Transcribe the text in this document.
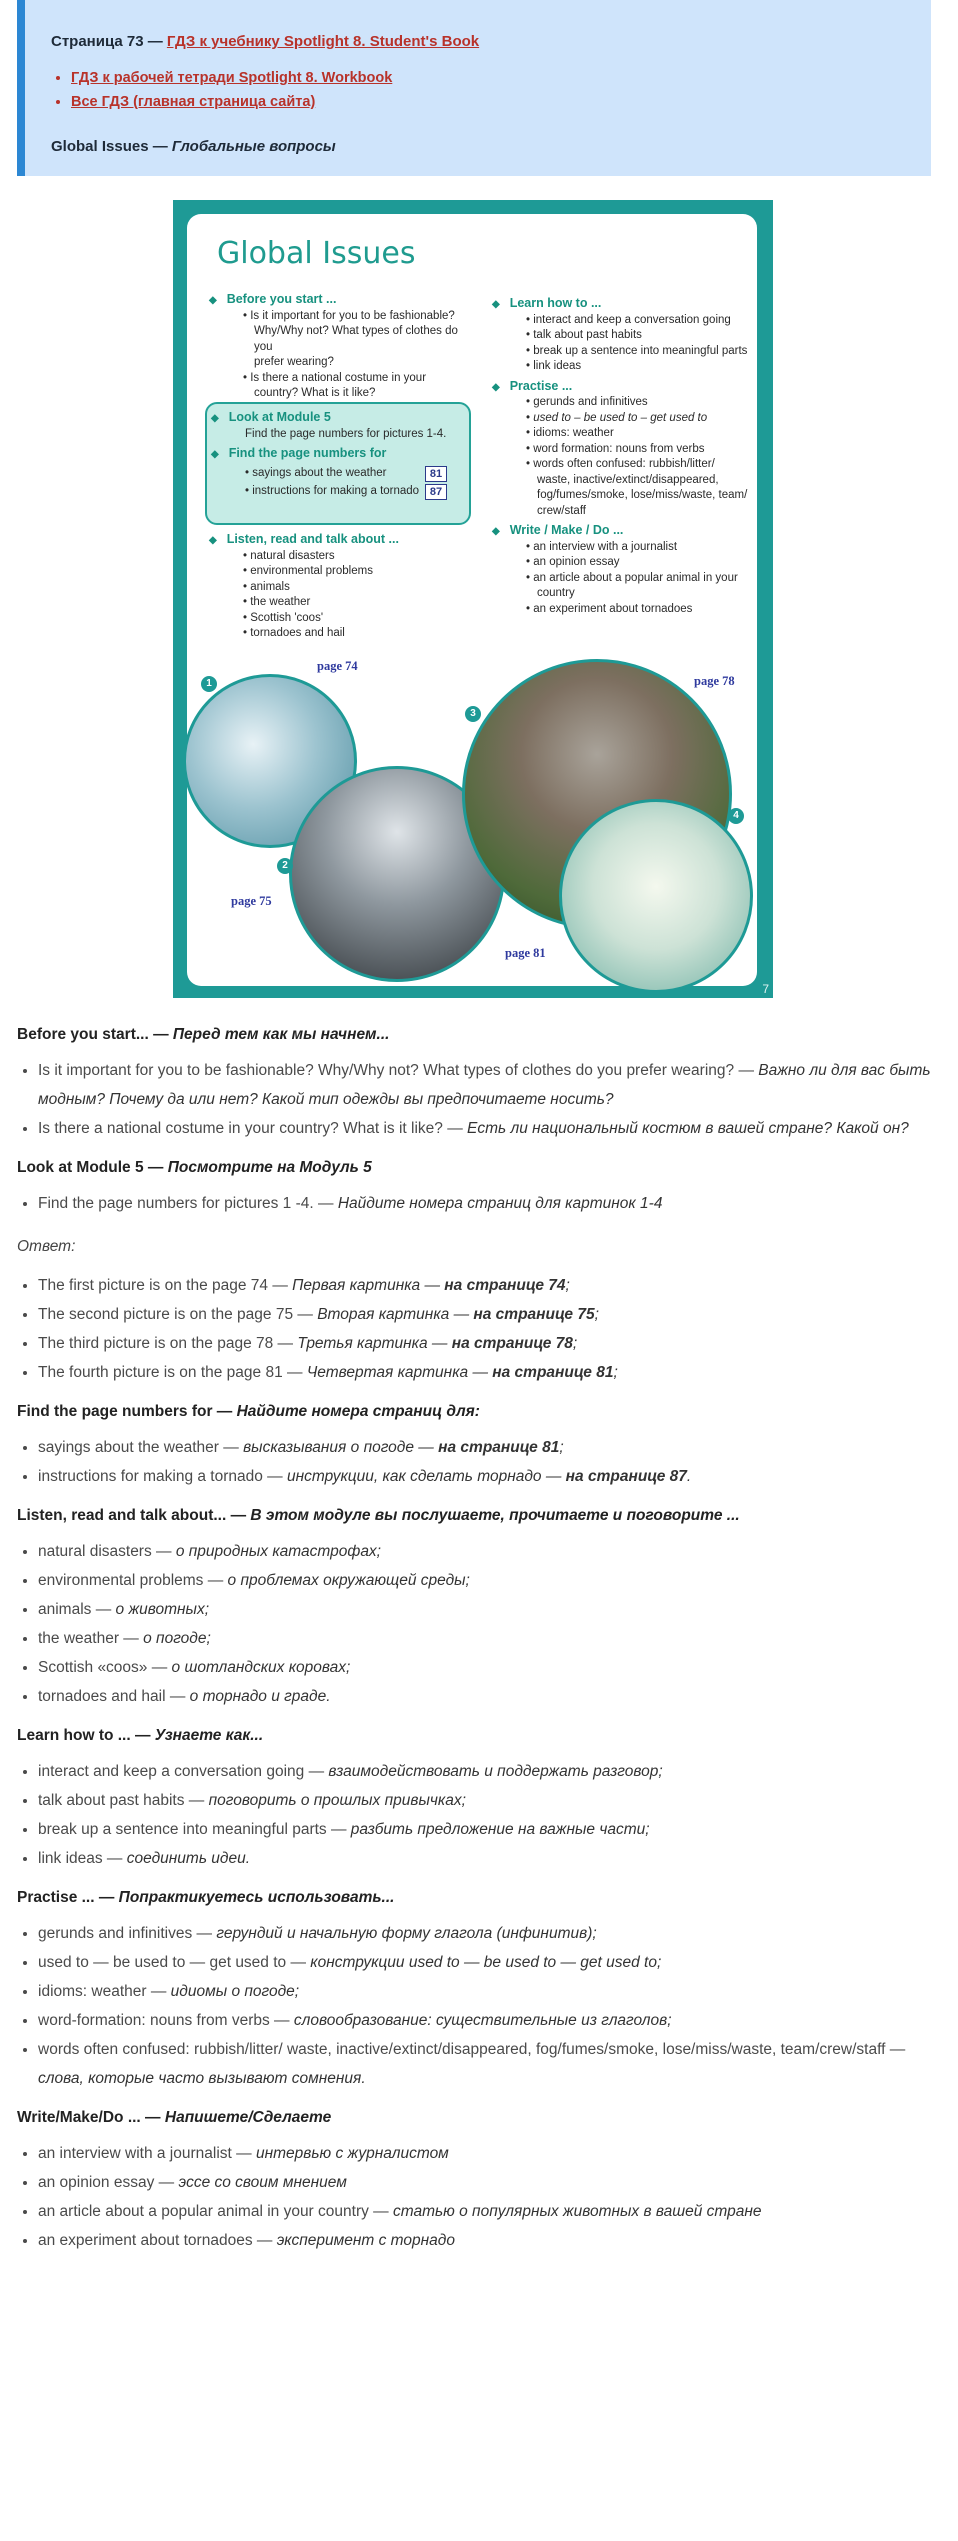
Страница 73 — ГДЗ к учебнику Spotlight 8. Student's Book
• ГДЗ к рабочей тетради Spotlight 8. Workbook
• Все ГДЗ (главная страница сайта)
Global Issues — Глобальные вопросы
Global Issues
◆ Before you start ...
• Is it important for you to be fashionable?
Why/Why not? What types of clothes do you
prefer wearing?
• Is there a national costume in your
country? What is it like?
◆ Look at Module 5
Find the page numbers for pictures 1-4.
◆ Find the page numbers for
• sayings about the weather	81
• instructions for making a tornado 87
◆ Listen, read and talk about ...
• natural disasters
• environmental problems
• animals
• the weather
• Scottish 'coos'
• tornadoes and hail
◆ Learn how to ...
• interact and keep a conversation going
• talk about past habits
• break up a sentence into meaningful parts
• link ideas
◆ Practise ...
• gerunds and infinitives
• used to – be used to – get used to
• idioms: weather
• word formation: nouns from verbs
• words often confused: rubbish/litter/
waste, inactive/extinct/disappeared,
fog/fumes/smoke, lose/miss/waste, team/
crew/staff
◆ Write / Make / Do ...
• an interview with a journalist
• an opinion essay
• an article about a popular animal in your
country
• an experiment about tornadoes
1
page 74
2
page 75
3
page 78
4
page 81
7
Before you start... — Перед тем как мы начнем...
• Is it important for you to be fashionable? Why/Why not? What types of clothes do you prefer wearing? — Важно ли для вас быть модным? Почему да или нет? Какой тип одежды вы предпочитаете носить?
• Is there a national costume in your country? What is it like? — Есть ли национальный костюм в вашей стране? Какой он?
Look at Module 5 — Посмотрите на Модуль 5
• Find the page numbers for pictures 1 -4. — Найдите номера страниц для картинок 1-4
Ответ:
• The first picture is on the page 74 — Первая картинка — на странице 74;
• The second picture is on the page 75 — Вторая картинка — на странице 75;
• The third picture is on the page 78 — Третья картинка — на странице 78;
• The fourth picture is on the page 81 — Четвертая картинка — на странице 81;
Find the page numbers for — Найдите номера страниц для:
• sayings about the weather — высказывания о погоде — на странице 81;
• instructions for making a tornado — инструкции, как сделать торнадо — на странице 87.
Listen, read and talk about... — В этом модуле вы послушаете, прочитаете и поговорите ...
• natural disasters — о природных катастрофах;
• environmental problems — о проблемах окружающей среды;
• animals — о животных;
• the weather — о погоде;
• Scottish «coos» — о шотландских коровах;
• tornadoes and hail — о торнадо и граде.
Learn how to ... — Узнаете как...
• interact and keep a conversation going — взаимодействовать и поддержать разговор;
• talk about past habits — поговорить о прошлых привычках;
• break up a sentence into meaningful parts — разбить предложение на важные части;
• link ideas — соединить идеи.
Practise ... — Попрактикуетесь использовать...
• gerunds and infinitives — герундий и начальную форму глагола (инфинитив);
• used to — be used to — get used to — конструкции used to — be used to — get used to;
• idioms: weather — идиомы о погоде;
• word-formation: nouns from verbs — словообразование: существительные из глаголов;
• words often confused: rubbish/litter/ waste, inactive/extinct/disappeared, fog/fumes/smoke, lose/miss/waste, team/crew/staff — слова, которые часто вызывают сомнения.
Write/Make/Do ... — Напишете/Сделаете
• an interview with a journalist — интервью с журналистом
• an opinion essay — эссе со своим мнением
• an article about a popular animal in your country — статью о популярных животных в вашей стране
• an experiment about tornadoes — эксперимент с торнадо
